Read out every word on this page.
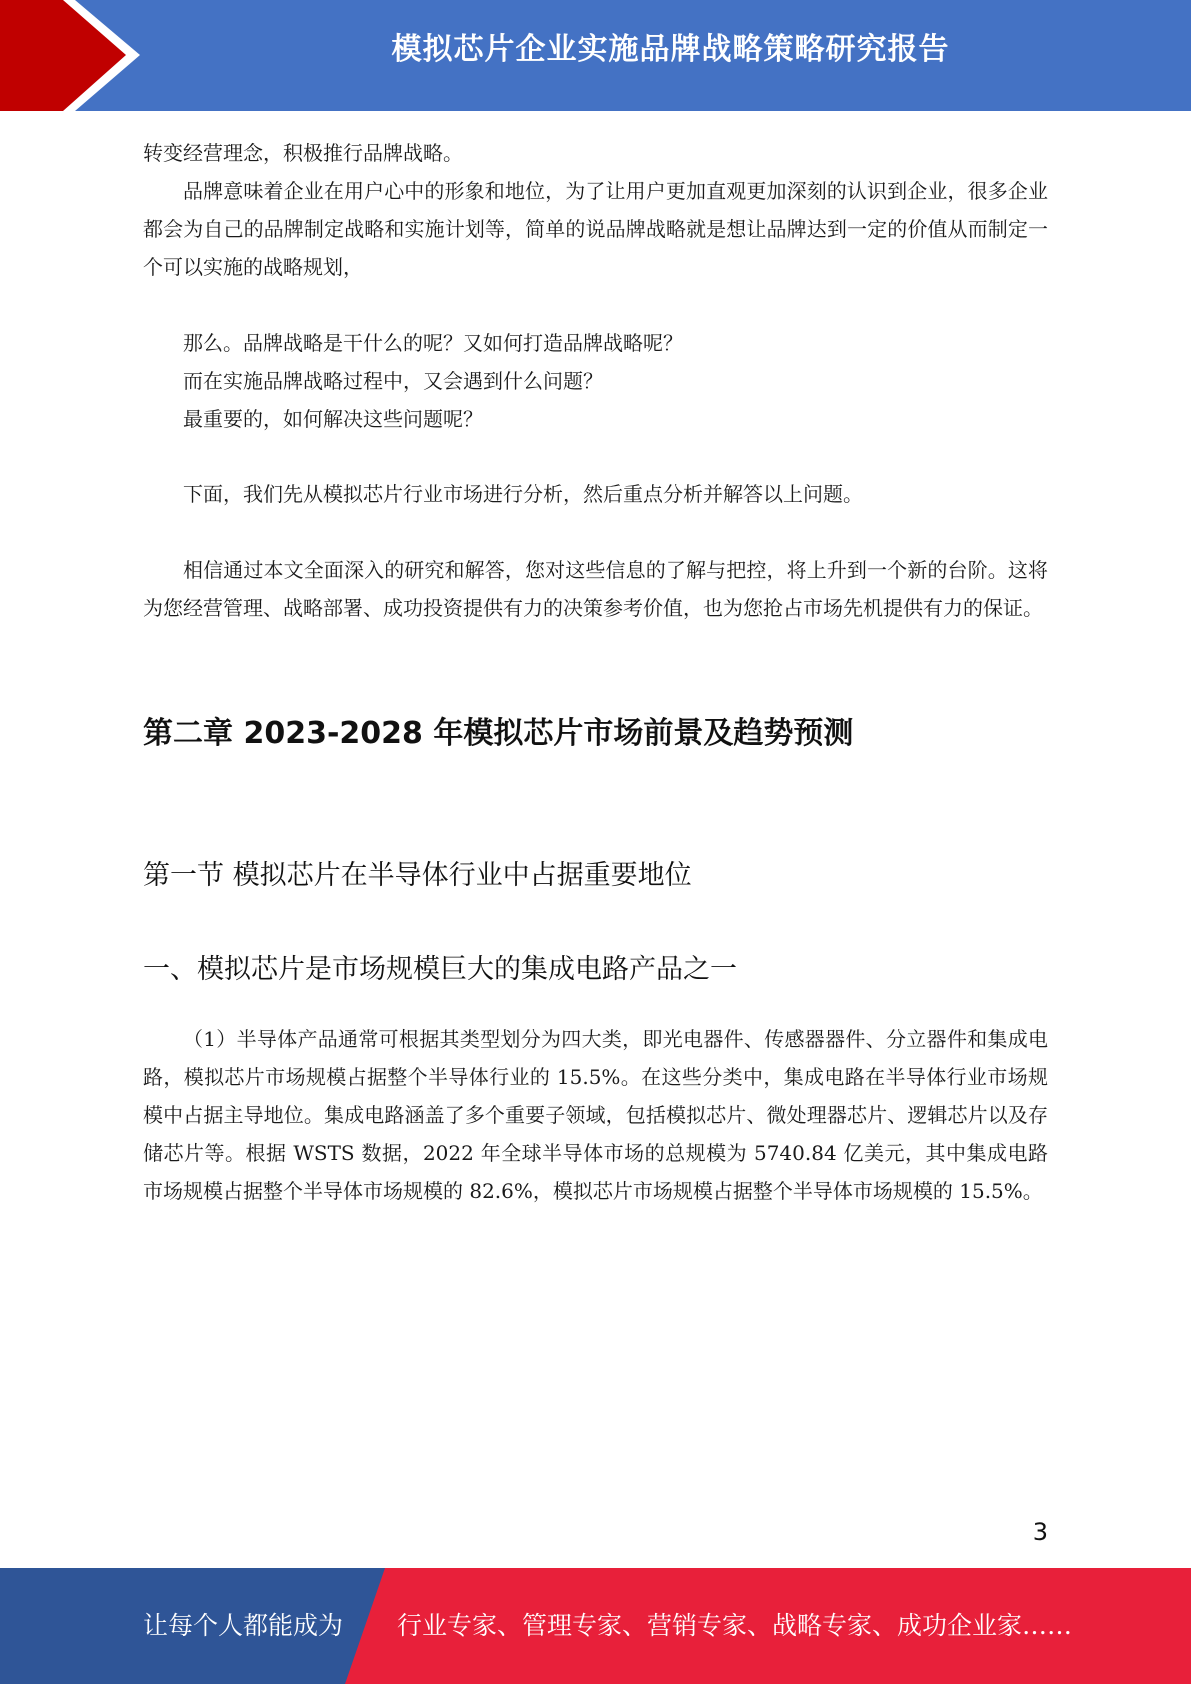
模拟芯片企业实施品牌战略策略研究报告

转变经营理念，积极推行品牌战略。

品牌意味着企业在用户心中的形象和地位，为了让用户更加直观更加深刻的认识到企业，很多企业都会为自己的品牌制定战略和实施计划等，简单的说品牌战略就是想让品牌达到一定的价值从而制定一个可以实施的战略规划，

那么。品牌战略是干什么的呢？又如何打造品牌战略呢？

而在实施品牌战略过程中，又会遇到什么问题？

最重要的，如何解决这些问题呢？

下面，我们先从模拟芯片行业市场进行分析，然后重点分析并解答以上问题。

相信通过本文全面深入的研究和解答，您对这些信息的了解与把控，将上升到一个新的台阶。这将为您经营管理、战略部署、成功投资提供有力的决策参考价值，也为您抢占市场先机提供有力的保证。

第二章 2023-2028 年模拟芯片市场前景及趋势预测
第一节 模拟芯片在半导体行业中占据重要地位
一、模拟芯片是市场规模巨大的集成电路产品之一

（1）半导体产品通常可根据其类型划分为四大类，即光电器件、传感器器件、分立器件和集成电路，模拟芯片市场规模占据整个半导体行业的 15.5%。在这些分类中，集成电路在半导体行业市场规模中占据主导地位。集成电路涵盖了多个重要子领域，包括模拟芯片、微处理器芯片、逻辑芯片以及存储芯片等。根据 WSTS 数据，2022 年全球半导体市场的总规模为 5740.84 亿美元，其中集成电路市场规模占据整个半导体市场规模的 82.6%，模拟芯片市场规模占据整个半导体市场规模的 15.5%。

3
让每个人都能成为 行业专家、管理专家、营销专家、战略专家、成功企业家……
